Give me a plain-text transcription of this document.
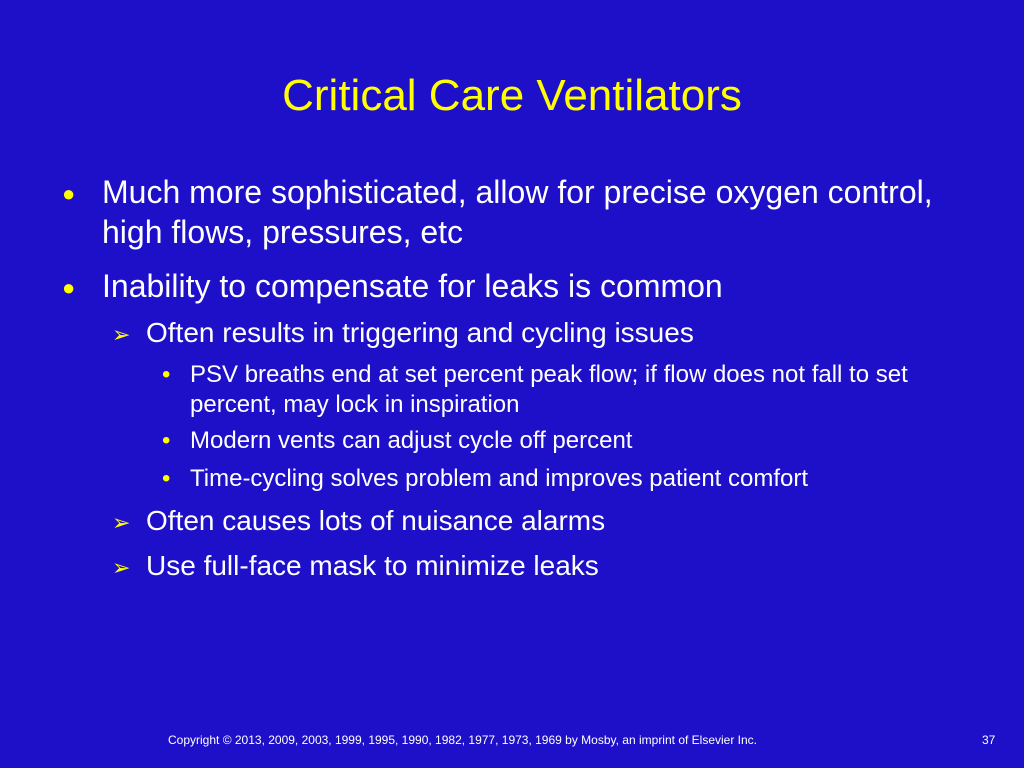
Critical Care Ventilators
● Much more sophisticated, allow for precise oxygen control, high flows, pressures, etc
● Inability to compensate for leaks is common
➢ Often results in triggering and cycling issues
• PSV breaths end at set percent peak flow; if flow does not fall to set percent, may lock in inspiration
• Modern vents can adjust cycle off percent
• Time-cycling solves problem and improves patient comfort
➢ Often causes lots of nuisance alarms
➢ Use full-face mask to minimize leaks
Copyright © 2013, 2009, 2003, 1999, 1995, 1990, 1982, 1977, 1973, 1969 by Mosby, an imprint of Elsevier Inc.	37
